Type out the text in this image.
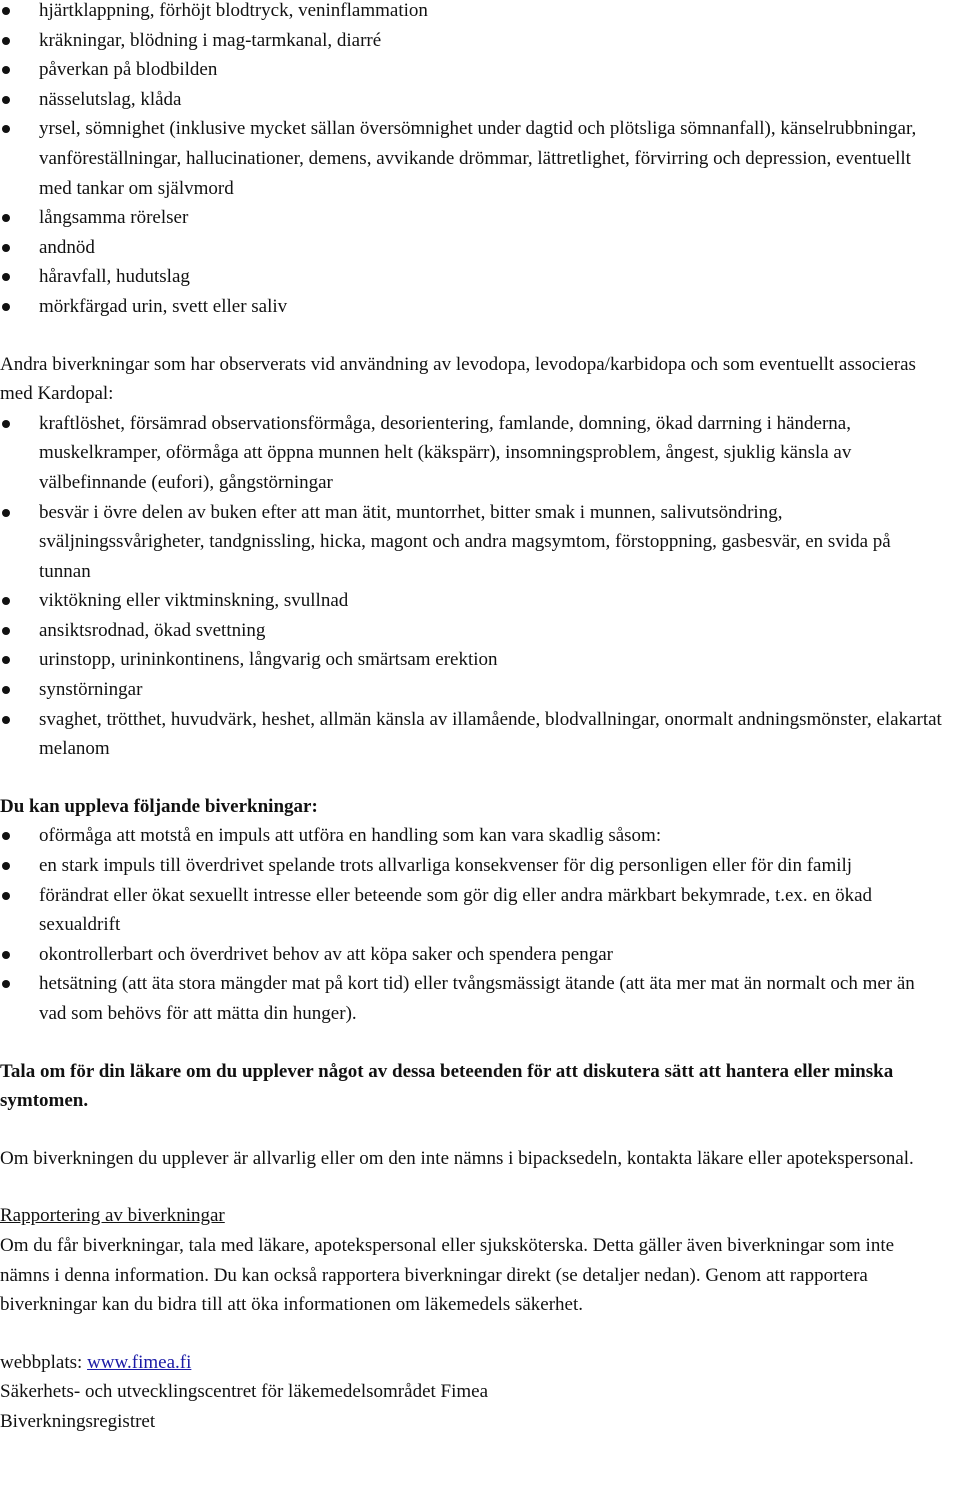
hjärtklappning, förhöjt blodtryck, veninflammation
kräkningar, blödning i mag-tarmkanal, diarré
påverkan på blodbilden
nässelutslag, klåda
yrsel, sömnighet (inklusive mycket sällan översömnighet under dagtid och plötsliga sömnanfall), känselrubbningar, vanföreställningar, hallucinationer, demens, avvikande drömmar, lättretlighet, förvirring och depression, eventuellt med tankar om självmord
långsamma rörelser
andnöd
håravfall, hudutslag
mörkfärgad urin, svett eller saliv

Andra biverkningar som har observerats vid användning av levodopa, levodopa/karbidopa och som eventuellt associeras med Kardopal:

kraftlöshet, försämrad observationsförmåga, desorientering, famlande, domning, ökad darrning i händerna, muskelkramper, oförmåga att öppna munnen helt (käkspärr), insomningsproblem, ångest, sjuklig känsla av välbefinnande (eufori), gångstörningar
besvär i övre delen av buken efter att man ätit, muntorrhet, bitter smak i munnen, salivutsöndring, sväljningssvårigheter, tandgnissling, hicka, magont och andra magsymtom, förstoppning, gasbesvär, en svida på tunnan
viktökning eller viktminskning, svullnad
ansiktsrodnad, ökad svettning
urinstopp, urininkontinens, långvarig och smärtsam erektion
synstörningar
svaghet, trötthet, huvudvärk, heshet, allmän känsla av illamående, blodvallningar, onormalt andningsmönster, elakartat melanom

Du kan uppleva följande biverkningar:

oförmåga att motstå en impuls att utföra en handling som kan vara skadlig såsom:
en stark impuls till överdrivet spelande trots allvarliga konsekvenser för dig personligen eller för din familj
förändrat eller ökat sexuellt intresse eller beteende som gör dig eller andra märkbart bekymrade, t.ex. en ökad sexualdrift
okontrollerbart och överdrivet behov av att köpa saker och spendera pengar
hetsätning (att äta stora mängder mat på kort tid) eller tvångsmässigt ätande (att äta mer mat än normalt och mer än vad som behövs för att mätta din hunger).

Tala om för din läkare om du upplever något av dessa beteenden för att diskutera sätt att hantera eller minska symtomen.

Om biverkningen du upplever är allvarlig eller om den inte nämns i bipacksedeln, kontakta läkare eller apotekspersonal.

Rapportering av biverkningar

Om du får biverkningar, tala med läkare, apotekspersonal eller sjuksköterska. Detta gäller även biverkningar som inte nämns i denna information. Du kan också rapportera biverkningar direkt (se detaljer nedan). Genom att rapportera biverkningar kan du bidra till att öka informationen om läkemedels säkerhet.

webbplats: www.fimea.fi

Säkerhets- och utvecklingscentret för läkemedelsområdet Fimea

Biverkningsregistret
